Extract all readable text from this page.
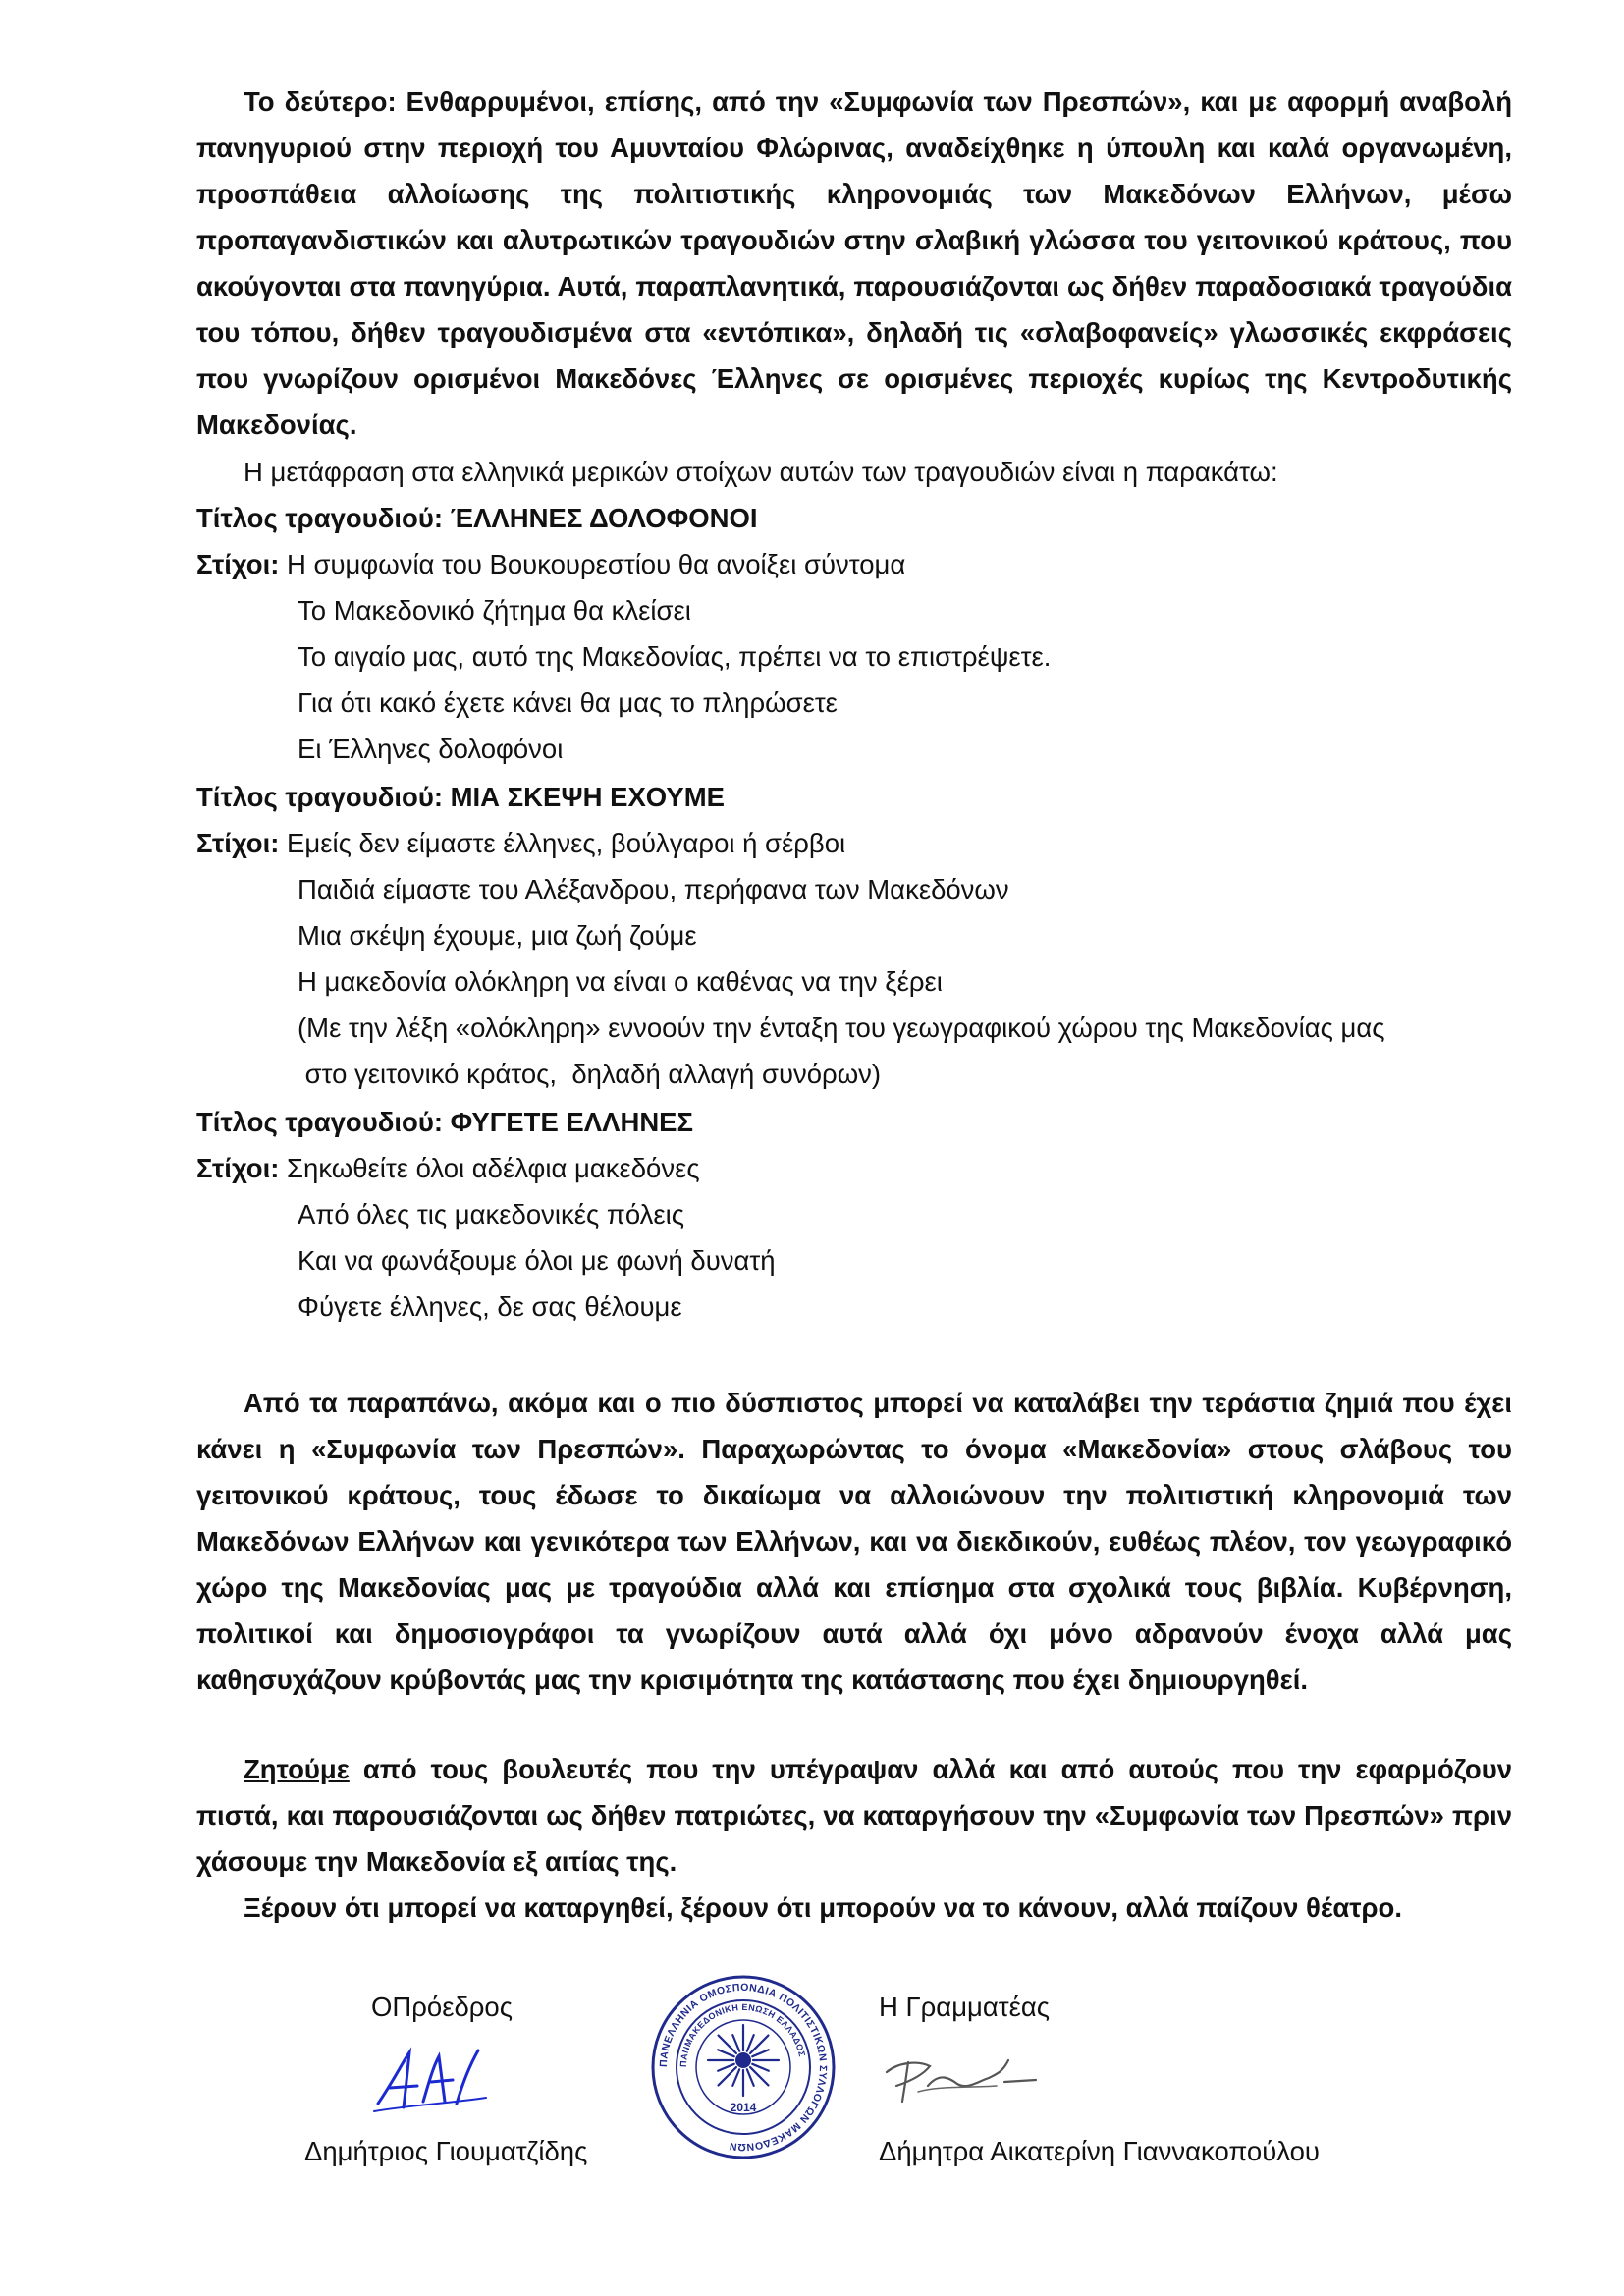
Το δεύτερο: Ενθαρρυμένοι, επίσης, από την «Συμφωνία των Πρεσπών», και με αφορμή αναβολή πανηγυριού στην περιοχή του Αμυνταίου Φλώρινας, αναδείχθηκε η ύπουλη και καλά οργανωμένη, προσπάθεια αλλοίωσης της πολιτιστικής κληρονομιάς των Μακεδόνων Ελλήνων, μέσω προπαγανδιστικών και αλυτρωτικών τραγουδιών στην σλαβική γλώσσα του γειτονικού κράτους, που ακούγονται στα πανηγύρια. Αυτά, παραπλανητικά, παρουσιάζονται ως δήθεν παραδοσιακά τραγούδια του τόπου, δήθεν τραγουδισμένα στα «εντόπικα», δηλαδή τις «σλαβοφανείς» γλωσσικές εκφράσεις που γνωρίζουν ορισμένοι Μακεδόνες Έλληνες σε ορισμένες περιοχές κυρίως της Κεντροδυτικής Μακεδονίας.

Η μετάφραση στα ελληνικά μερικών στοίχων αυτών των τραγουδιών είναι η παρακάτω:
Τίτλος τραγουδιού: ΈΛΛΗΝΕΣ ΔΟΛΟΦΟΝΟΙ
Στίχοι: Η συμφωνία του Βουκουρεστίου θα ανοίξει σύντομα
Το Μακεδονικό ζήτημα θα κλείσει
Το αιγαίο μας, αυτό της Μακεδονίας, πρέπει να το επιστρέψετε.
Για ότι κακό έχετε κάνει θα μας το πληρώσετε
Ει Έλληνες δολοφόνοι
Τίτλος τραγουδιού: ΜΙΑ ΣΚΕΨΗ ΕΧΟΥΜΕ
Στίχοι: Εμείς δεν είμαστε έλληνες, βούλγαροι ή σέρβοι
Παιδιά είμαστε του Αλέξανδρου, περήφανα των Μακεδόνων
Μια σκέψη έχουμε, μια ζωή ζούμε
Η μακεδονία ολόκληρη να είναι ο καθένας να την ξέρει
(Με την λέξη «ολόκληρη» εννοούν την ένταξη του γεωγραφικού χώρου της Μακεδονίας μας
στο γειτονικό κράτος,  δηλαδή αλλαγή συνόρων)
Τίτλος τραγουδιού: ΦΥΓΕΤΕ ΕΛΛΗΝΕΣ
Στίχοι: Σηκωθείτε όλοι αδέλφια μακεδόνες
Από όλες τις μακεδονικές πόλεις
Και να φωνάξουμε όλοι με φωνή δυνατή
Φύγετε έλληνες, δε σας θέλουμε

Από τα παραπάνω, ακόμα και ο πιο δύσπιστος μπορεί να καταλάβει την τεράστια ζημιά που έχει κάνει η «Συμφωνία των Πρεσπών». Παραχωρώντας το όνομα «Μακεδονία» στους σλάβους του γειτονικού κράτους, τους έδωσε το δικαίωμα να αλλοιώνουν την πολιτιστική κληρονομιά των Μακεδόνων Ελλήνων και γενικότερα των Ελλήνων, και να διεκδικούν, ευθέως πλέον, τον γεωγραφικό χώρο της Μακεδονίας μας με τραγούδια αλλά και επίσημα στα σχολικά τους βιβλία. Κυβέρνηση, πολιτικοί και δημοσιογράφοι τα γνωρίζουν αυτά αλλά όχι μόνο αδρανούν ένοχα αλλά μας καθησυχάζουν κρύβοντάς μας την κρισιμότητα της κατάστασης που έχει δημιουργηθεί.

Ζητούμε από τους βουλευτές που την υπέγραψαν αλλά και από αυτούς που την εφαρμόζουν πιστά, και παρουσιάζονται ως δήθεν πατριώτες, να καταργήσουν την «Συμφωνία των Πρεσπών» πριν χάσουμε την Μακεδονία εξ αιτίας της.

Ξέρουν ότι μπορεί να καταργηθεί, ξέρουν ότι μπορούν να το κάνουν, αλλά παίζουν θέατρο.
ΟΠρόεδρος	Η Γραμματέας
Δημήτριος Γιουματζίδης	Δήμητρα Αικατερίνη Γιαννακοπούλου
ΠΑΝΕΛΛΗΝΙΑ ΟΜΟΣΠΟΝΔΙΑ ΠΟΛΙΤΙΣΤΙΚΩΝ ΣΥΛΛΟΓΩΝ ΜΑΚΕΔΟΝΩΝ
ΠΑΝΜΑΚΕΔΟΝΙΚΗ ΕΝΩΣΗ ΕΛΛΑΔΟΣ
2014
